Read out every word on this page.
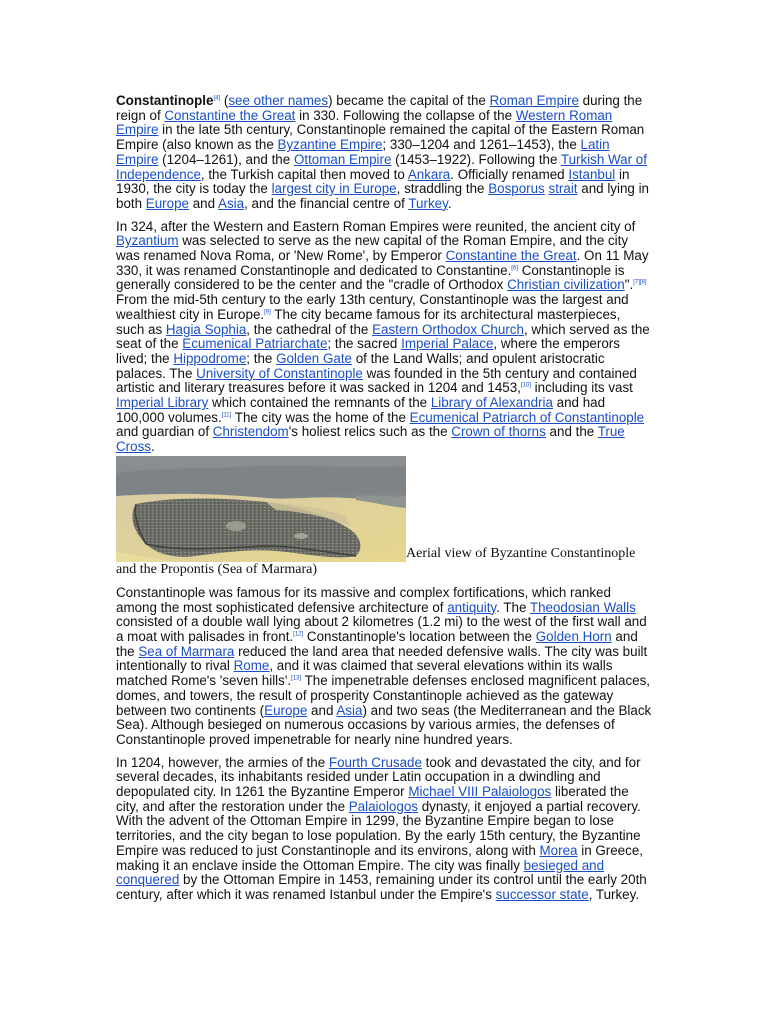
Constantinople[4] (see other names) became the capital of the Roman Empire during the reign of Constantine the Great in 330. Following the collapse of the Western Roman Empire in the late 5th century, Constantinople remained the capital of the Eastern Roman Empire (also known as the Byzantine Empire; 330–1204 and 1261–1453), the Latin Empire (1204–1261), and the Ottoman Empire (1453–1922). Following the Turkish War of Independence, the Turkish capital then moved to Ankara. Officially renamed Istanbul in 1930, the city is today the largest city in Europe, straddling the Bosporus strait and lying in both Europe and Asia, and the financial centre of Turkey.

In 324, after the Western and Eastern Roman Empires were reunited, the ancient city of Byzantium was selected to serve as the new capital of the Roman Empire, and the city was renamed Nova Roma, or 'New Rome', by Emperor Constantine the Great. On 11 May 330, it was renamed Constantinople and dedicated to Constantine.[6] Constantinople is generally considered to be the center and the "cradle of Orthodox Christian civilization".[7][8] From the mid-5th century to the early 13th century, Constantinople was the largest and wealthiest city in Europe.[9] The city became famous for its architectural masterpieces, such as Hagia Sophia, the cathedral of the Eastern Orthodox Church, which served as the seat of the Ecumenical Patriarchate; the sacred Imperial Palace, where the emperors lived; the Hippodrome; the Golden Gate of the Land Walls; and opulent aristocratic palaces. The University of Constantinople was founded in the 5th century and contained artistic and literary treasures before it was sacked in 1204 and 1453,[10] including its vast Imperial Library which contained the remnants of the Library of Alexandria and had 100,000 volumes.[11] The city was the home of the Ecumenical Patriarch of Constantinople and guardian of Christendom's holiest relics such as the Crown of thorns and the True Cross.

Aerial view of Byzantine Constantinople and the Propontis (Sea of Marmara)

Constantinople was famous for its massive and complex fortifications, which ranked among the most sophisticated defensive architecture of antiquity. The Theodosian Walls consisted of a double wall lying about 2 kilometres (1.2 mi) to the west of the first wall and a moat with palisades in front.[12] Constantinople's location between the Golden Horn and the Sea of Marmara reduced the land area that needed defensive walls. The city was built intentionally to rival Rome, and it was claimed that several elevations within its walls matched Rome's 'seven hills'.[13] The impenetrable defenses enclosed magnificent palaces, domes, and towers, the result of prosperity Constantinople achieved as the gateway between two continents (Europe and Asia) and two seas (the Mediterranean and the Black Sea). Although besieged on numerous occasions by various armies, the defenses of Constantinople proved impenetrable for nearly nine hundred years.

In 1204, however, the armies of the Fourth Crusade took and devastated the city, and for several decades, its inhabitants resided under Latin occupation in a dwindling and depopulated city. In 1261 the Byzantine Emperor Michael VIII Palaiologos liberated the city, and after the restoration under the Palaiologos dynasty, it enjoyed a partial recovery. With the advent of the Ottoman Empire in 1299, the Byzantine Empire began to lose territories, and the city began to lose population. By the early 15th century, the Byzantine Empire was reduced to just Constantinople and its environs, along with Morea in Greece, making it an enclave inside the Ottoman Empire. The city was finally besieged and conquered by the Ottoman Empire in 1453, remaining under its control until the early 20th century, after which it was renamed Istanbul under the Empire's successor state, Turkey.
